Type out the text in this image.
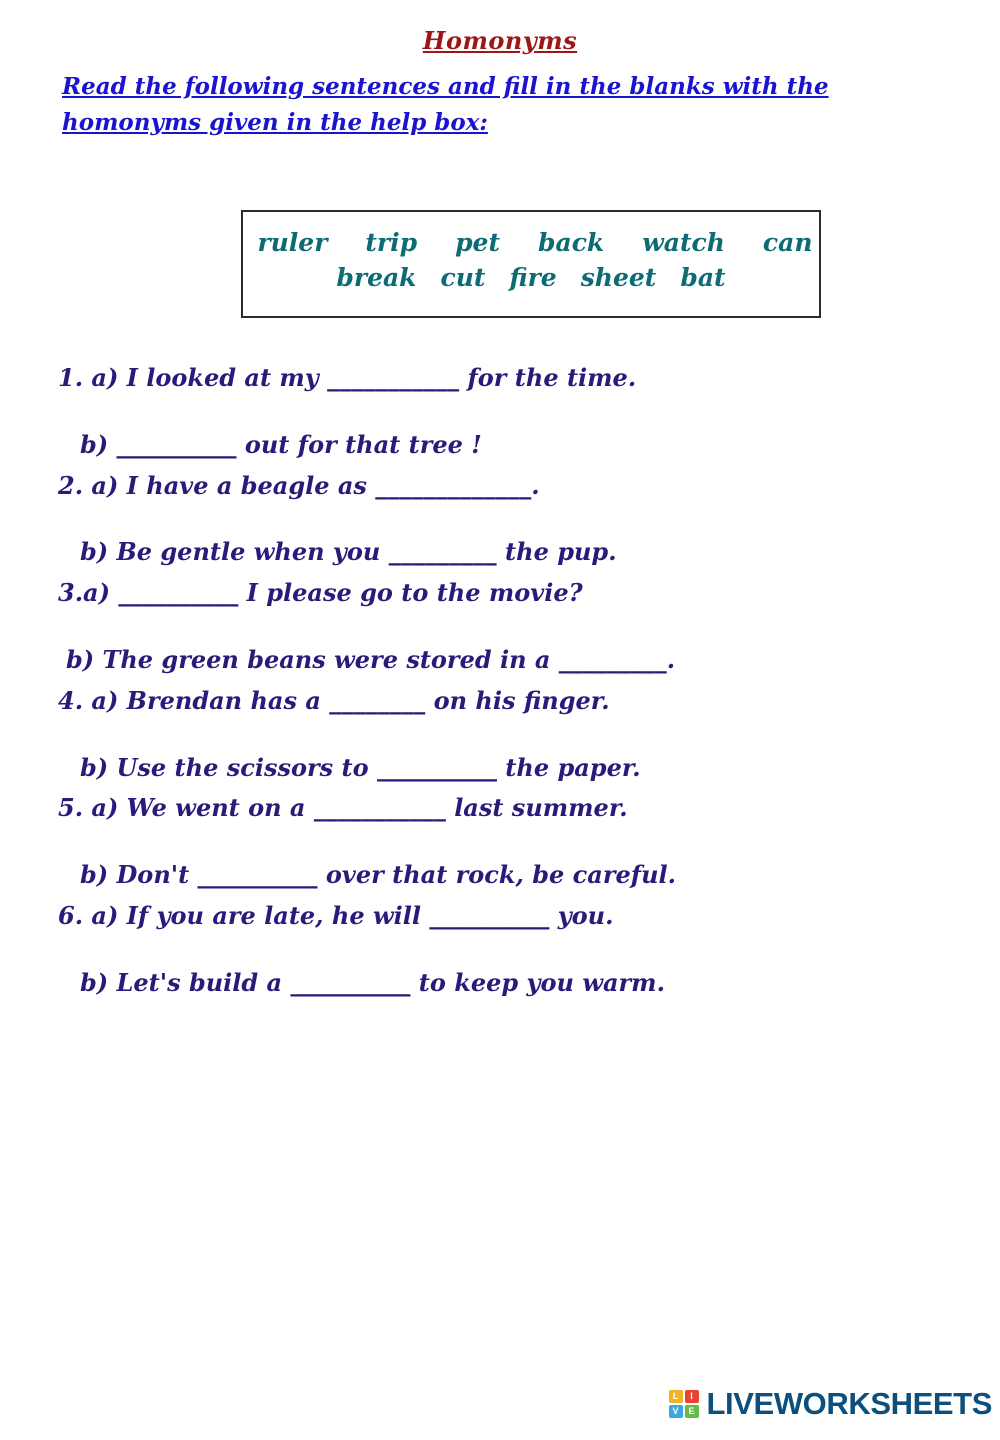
Homonyms
Read the following sentences and fill in the blanks with the homonyms given in the help box:
ruler trip pet back watch can
break cut fire sheet bat
1. a) I looked at my ___________ for the time.
b) __________ out for that tree !
2. a) I have a beagle as _____________.
b) Be gentle when you _________ the pup.
3.a) __________ I please go to the movie?
b) The green beans were stored in a _________.
4. a) Brendan has a ________ on his finger.
b) Use the scissors to __________ the paper.
5. a) We went on a ___________ last summer.
b) Don't __________ over that rock, be careful.
6. a) If you are late, he will __________ you.
b) Let's build a __________ to keep you warm.
L	I
V	E LIVEWORKSHEETS
